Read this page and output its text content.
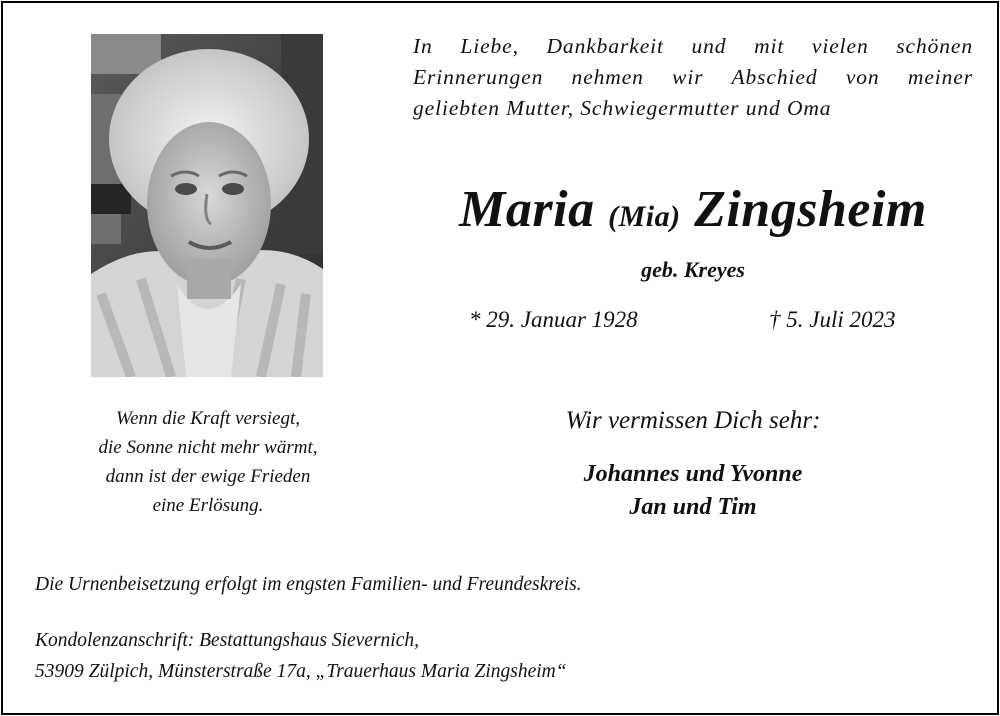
In Liebe, Dankbarkeit und mit vielen schönen
Erinnerungen nehmen wir Abschied von meiner
geliebten Mutter, Schwiegermutter und Oma
Maria (Mia) Zingsheim
geb. Kreyes
* 29. Januar 1928	† 5. Juli 2023
Wenn die Kraft versiegt,
die Sonne nicht mehr wärmt,
dann ist der ewige Frieden
eine Erlösung.
Wir vermissen Dich sehr:
Johannes und Yvonne
Jan und Tim
Die Urnenbeisetzung erfolgt im engsten Familien- und Freundeskreis.
Kondolenzanschrift: Bestattungshaus Sievernich,
53909 Zülpich, Münsterstraße 17a, „Trauerhaus Maria Zingsheim“
